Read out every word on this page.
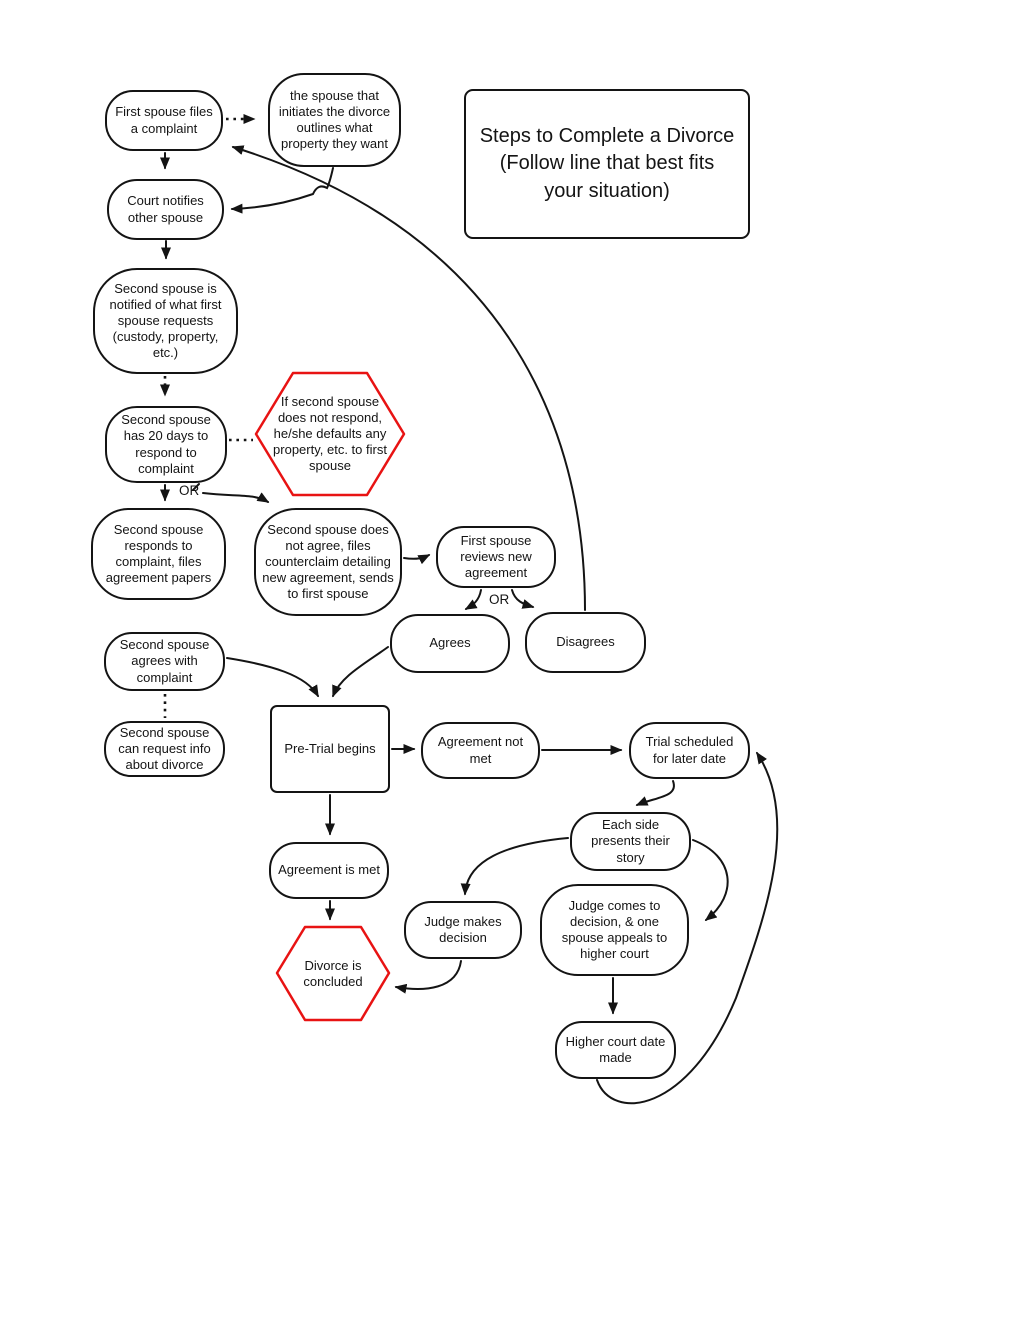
Steps to Complete a Divorce (Follow line that best fits your situation)
First spouse files a complaint
the spouse that initiates the divorce outlines what property they want
Court notifies other spouse
Second spouse is notified of what first spouse requests (custody, property, etc.)
Second spouse has 20 days to respond to complaint
If second spouse does not respond, he/she defaults any property, etc. to first spouse
Second spouse responds to complaint, files agreement papers
Second spouse does not agree, files counterclaim detailing new agreement, sends to first spouse
First spouse reviews new agreement
Agrees	Disagrees
Second spouse agrees with complaint
Second spouse can request info about divorce
Pre-Trial begins	Agreement not met
Trial scheduled for later date
Each side presents their story
Agreement is met
Judge makes decision
Judge comes to decision, & one spouse appeals to higher court
Divorce is concluded
Higher court date made
OR
OR
